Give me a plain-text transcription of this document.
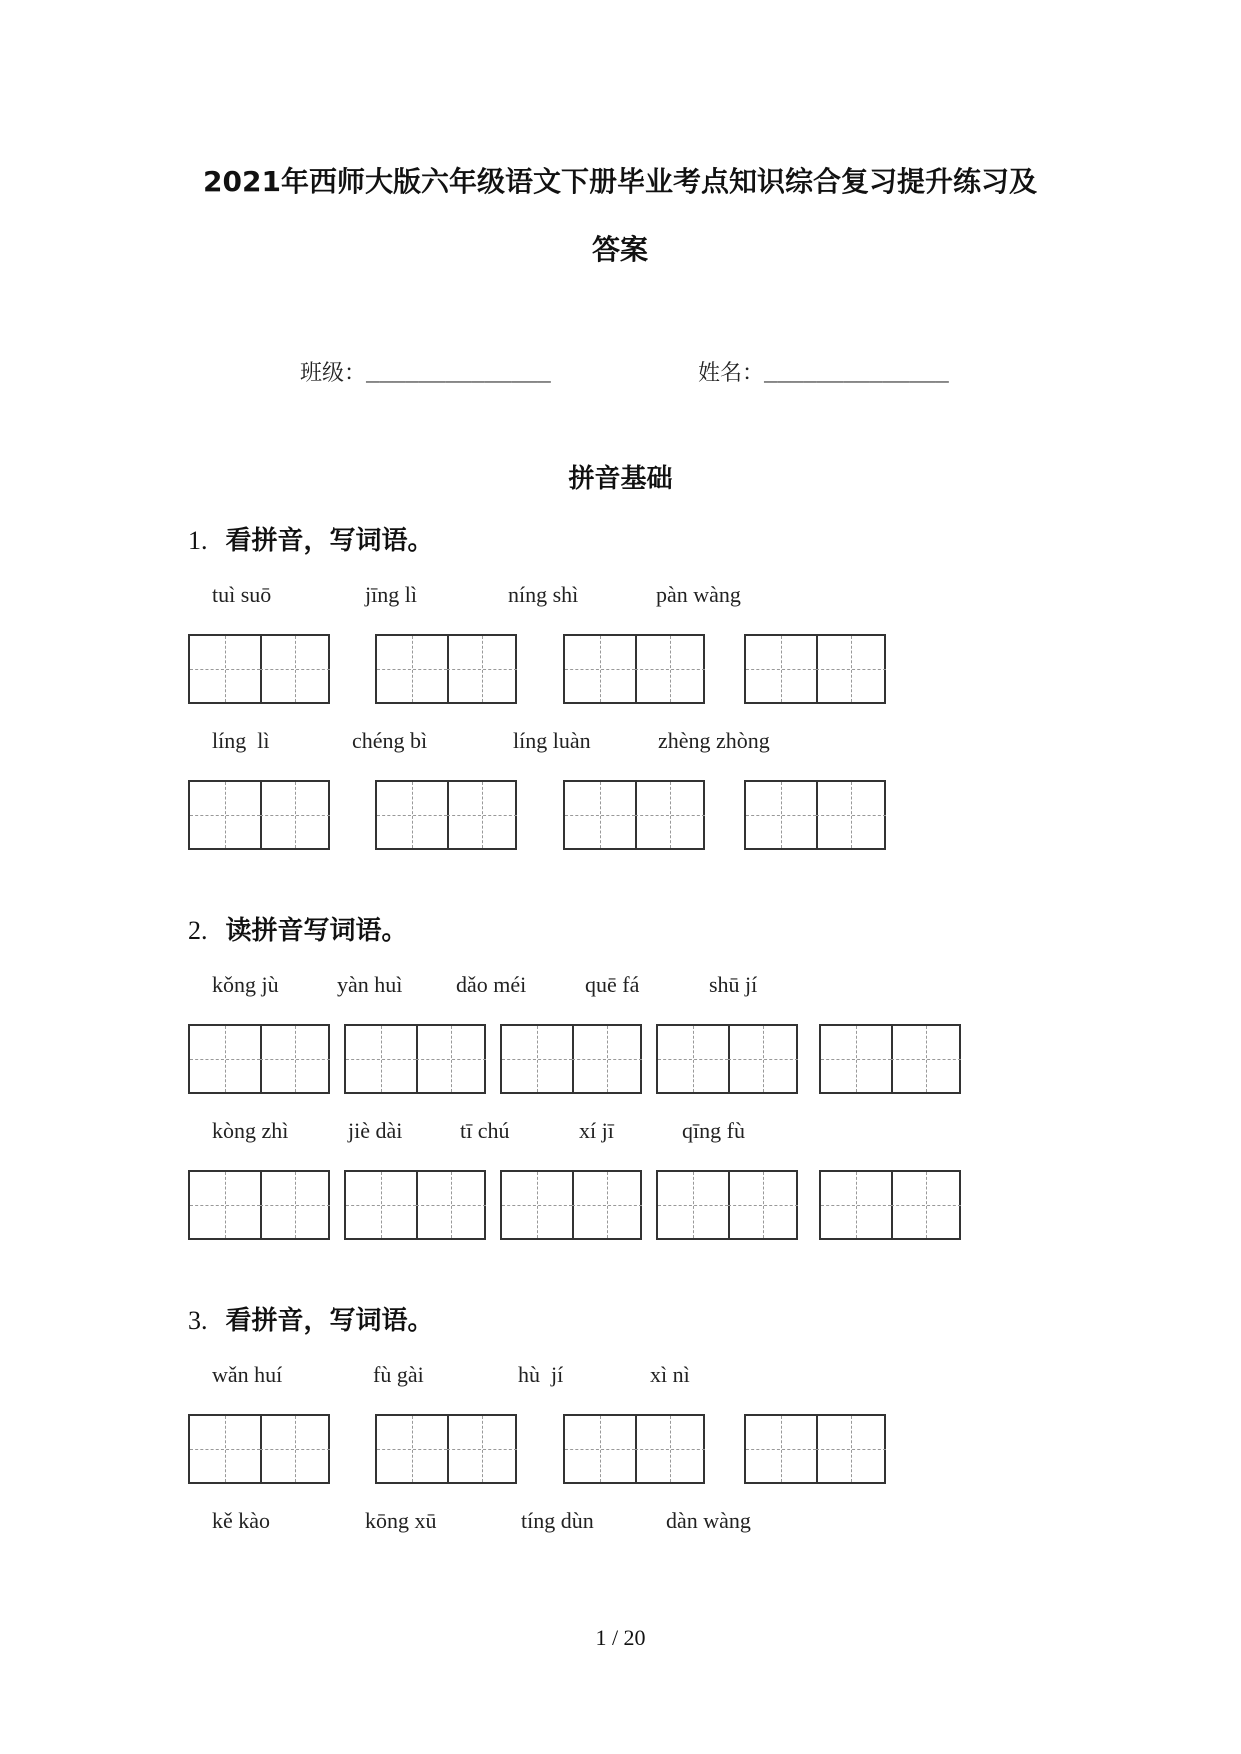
2021年西师大版六年级语文下册毕业考点知识综合复习提升练习及
答案
班级：______________	姓名：______________
拼音基础
1. 看拼音，写词语。
tuì suō	jīng lì	níng shì	pàn wàng
líng  lì	chéng bì	líng luàn	zhèng zhòng
2. 读拼音写词语。
kǒng jù	yàn huì dǎo méi	quē fá	shū jí
kòng zhì	jiè dài	tī chú	xí jī	qīng fù
3. 看拼音，写词语。
wǎn huí	fù gài	hù  jí	xì nì
kě kào	kōng xū	tíng dùn	dàn wàng
1 / 20
